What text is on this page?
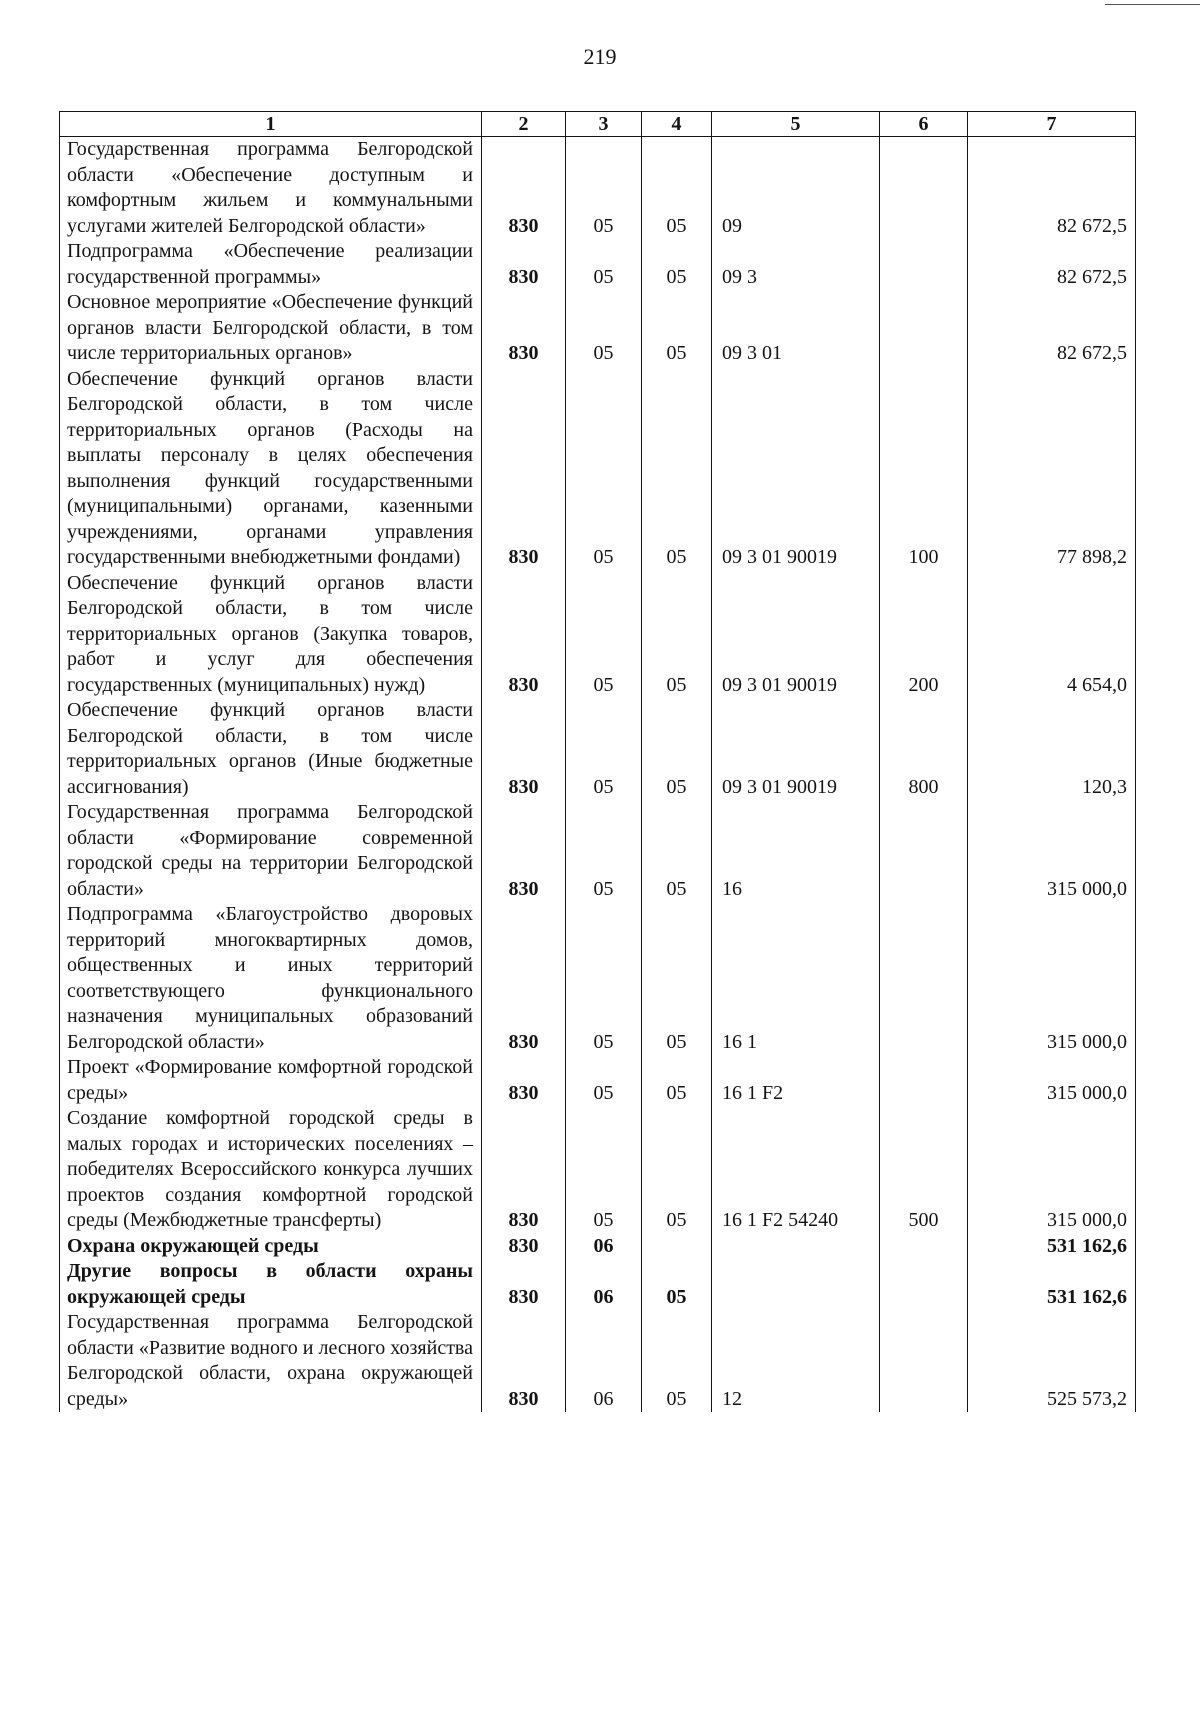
219
1	2	3	4	5	6	7

Государственная программа Белгородской области «Обеспечение доступным и комфортным жильем и коммунальными услугами жителей Белгородской области»	830	05	05	09		82 672,5

Подпрограмма «Обеспечение реализации государственной программы»	830	05	05	09 3		82 672,5

Основное мероприятие «Обеспечение функций органов власти Белгородской области, в том числе территориальных органов»	830	05	05	09 3 01		82 672,5

Обеспечение функций органов власти Белгородской области, в том числе территориальных органов (Расходы на выплаты персоналу в целях обеспечения выполнения функций государственными (муниципальными) органами, казенными учреждениями, органами управления государственными внебюджетными фондами)	830	05	05	09 3 01 90019	100	77 898,2

Обеспечение функций органов власти Белгородской области, в том числе территориальных органов (Закупка товаров, работ и услуг для обеспечения государственных (муниципальных) нужд)	830	05	05	09 3 01 90019	200	4 654,0

Обеспечение функций органов власти Белгородской области, в том числе территориальных органов (Иные бюджетные ассигнования)	830	05	05	09 3 01 90019	800	120,3

Государственная программа Белгородской области «Формирование современной городской среды на территории Белгородской области»	830	05	05	16		315 000,0

Подпрограмма «Благоустройство дворовых территорий многоквартирных домов, общественных и иных территорий соответствующего функционального назначения муниципальных образований Белгородской области»	830	05	05	16 1		315 000,0

Проект «Формирование комфортной городской среды»	830	05	05	16 1 F2		315 000,0

Создание комфортной городской среды в малых городах и исторических поселениях – победителях Всероссийского конкурса лучших проектов создания комфортной городской среды (Межбюджетные трансферты)	830	05	05	16 1 F2 54240	500	315 000,0

Охрана окружающей среды	830	06				531 162,6

Другие вопросы в области охраны окружающей среды	830	06	05			531 162,6

Государственная программа Белгородской области «Развитие водного и лесного хозяйства Белгородской области, охрана окружающей среды»	830	06	05	12		525 573,2
